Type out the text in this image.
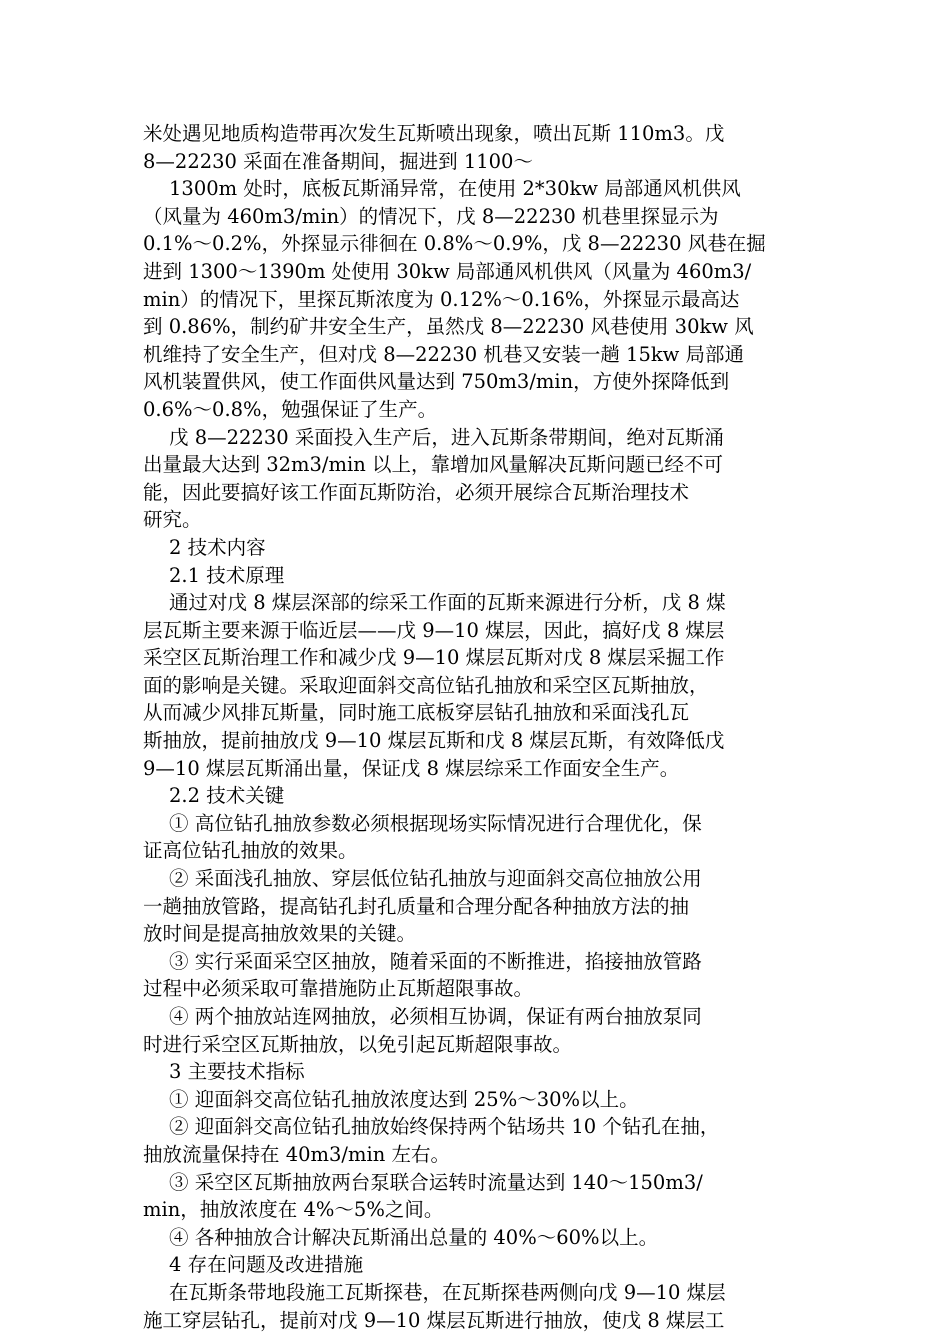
米处遇见地质构造带再次发生瓦斯喷出现象，喷出瓦斯 110m3。戊
8—22230 采面在准备期间，掘进到 1100～
1300m 处时，底板瓦斯涌异常，在使用 2*30kw 局部通风机供风
（风量为 460m3/min）的情况下，戊 8—22230 机巷里探显示为
0.1%～0.2%，外探显示徘徊在 0.8%～0.9%，戊 8—22230 风巷在掘
进到 1300～1390m 处使用 30kw 局部通风机供风（风量为 460m3/
min）的情况下，里探瓦斯浓度为 0.12%～0.16%，外探显示最高达
到 0.86%，制约矿井安全生产，虽然戊 8—22230 风巷使用 30kw 风
机维持了安全生产，但对戊 8—22230 机巷又安装一趟 15kw 局部通
风机装置供风，使工作面供风量达到 750m3/min，方使外探降低到
0.6%～0.8%，勉强保证了生产。
戊 8—22230 采面投入生产后，进入瓦斯条带期间，绝对瓦斯涌
出量最大达到 32m3/min 以上，靠增加风量解决瓦斯问题已经不可
能，因此要搞好该工作面瓦斯防治，必须开展综合瓦斯治理技术
研究。
2 技术内容
2.1 技术原理
通过对戊 8 煤层深部的综采工作面的瓦斯来源进行分析，戊 8 煤
层瓦斯主要来源于临近层——戊 9—10 煤层，因此，搞好戊 8 煤层
采空区瓦斯治理工作和减少戊 9—10 煤层瓦斯对戊 8 煤层采掘工作
面的影响是关键。采取迎面斜交高位钻孔抽放和采空区瓦斯抽放，
从而减少风排瓦斯量，同时施工底板穿层钻孔抽放和采面浅孔瓦
斯抽放，提前抽放戊 9—10 煤层瓦斯和戊 8 煤层瓦斯，有效降低戊
9—10 煤层瓦斯涌出量，保证戊 8 煤层综采工作面安全生产。
2.2 技术关键
① 高位钻孔抽放参数必须根据现场实际情况进行合理优化，保
证高位钻孔抽放的效果。
② 采面浅孔抽放、穿层低位钻孔抽放与迎面斜交高位抽放公用
一趟抽放管路，提高钻孔封孔质量和合理分配各种抽放方法的抽
放时间是提高抽放效果的关键。
③ 实行采面采空区抽放，随着采面的不断推进，掐接抽放管路
过程中必须采取可靠措施防止瓦斯超限事故。
④ 两个抽放站连网抽放，必须相互协调，保证有两台抽放泵同
时进行采空区瓦斯抽放，以免引起瓦斯超限事故。
3 主要技术指标
① 迎面斜交高位钻孔抽放浓度达到 25%～30%以上。
② 迎面斜交高位钻孔抽放始终保持两个钻场共 10 个钻孔在抽，
抽放流量保持在 40m3/min 左右。
③ 采空区瓦斯抽放两台泵联合运转时流量达到 140～150m3/
min，抽放浓度在 4%～5%之间。
④ 各种抽放合计解决瓦斯涌出总量的 40%～60%以上。
4 存在问题及改进措施
在瓦斯条带地段施工瓦斯探巷，在瓦斯探巷两侧向戊 9—10 煤层
施工穿层钻孔，提前对戊 9—10 煤层瓦斯进行抽放，使戊 8 煤层工
